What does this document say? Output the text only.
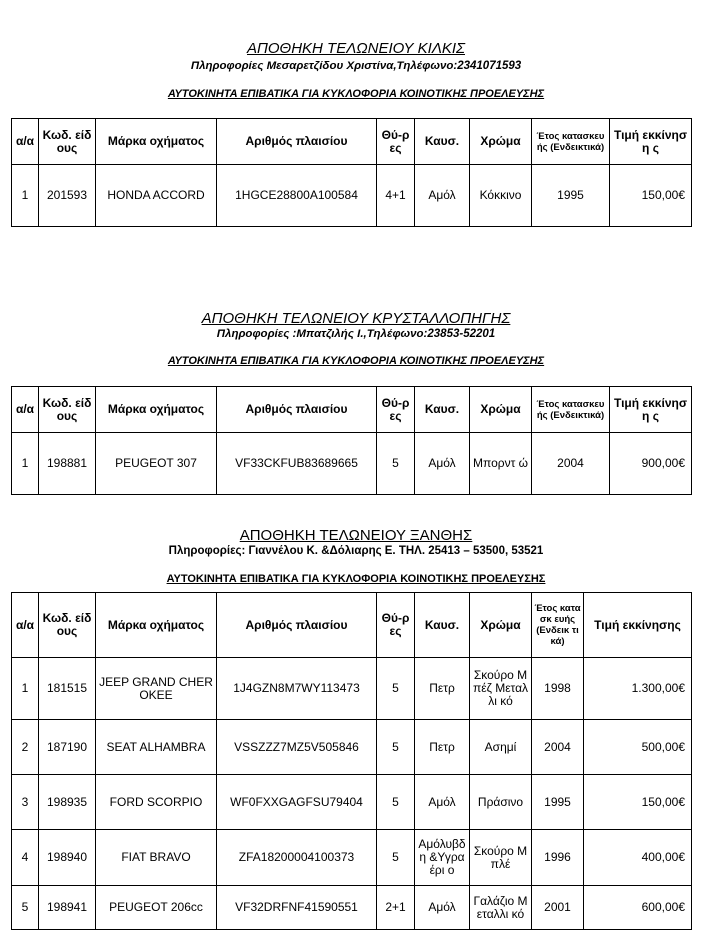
ΑΠΟΘΗΚΗ ΤΕΛΩΝΕΙΟΥ ΚΙΛΚΙΣ
Πληροφορίες Μεσαρετζίδου Χριστίνα,Τηλέφωνο:2341071593
ΑΥΤΟΚΙΝΗΤΑ ΕΠΙΒΑΤΙΚΑ ΓΙΑ ΚΥΚΛΟΦΟΡΙΑ ΚΟΙΝΟΤΙΚΗΣ ΠΡΟΕΛΕΥΣΗΣ
α/α	Κωδ. είδους	Μάρκα οχήματος	Αριθμός πλαισίου	Θύ-ρες	Καυσ.	Χρώμα	Έτος κατασκευής (Ενδεικτικά)	Τιμή εκκίνηση ς
1	201593	HONDA ACCORD	1HGCE28800A100584	4+1	Αμόλ	Κόκκινο	1995	150,00€
ΑΠΟΘΗΚΗ ΤΕΛΩΝΕΙΟΥ ΚΡΥΣΤΑΛΛΟΠΗΓΗΣ
Πληροφορίες :Μπατζιλής Ι.,Τηλέφωνο:23853-52201
ΑΥΤΟΚΙΝΗΤΑ ΕΠΙΒΑΤΙΚΑ ΓΙΑ ΚΥΚΛΟΦΟΡΙΑ ΚΟΙΝΟΤΙΚΗΣ ΠΡΟΕΛΕΥΣΗΣ
α/α	Κωδ. είδους	Μάρκα οχήματος	Αριθμός πλαισίου	Θύ-ρες	Καυσ.	Χρώμα	Έτος κατασκευής (Ενδεικτικά)	Τιμή εκκίνηση ς
1	198881	PEUGEOT 307	VF33CKFUB83689665	5	Αμόλ	Μπορντ ώ	2004	900,00€
ΑΠΟΘΗΚΗ ΤΕΛΩΝΕΙΟΥ ΞΑΝΘΗΣ
Πληροφορίες: Γιαννέλου Κ. &Δόλιαρης Ε. ΤΗΛ. 25413 – 53500, 53521
ΑΥΤΟΚΙΝΗΤΑ ΕΠΙΒΑΤΙΚΑ ΓΙΑ ΚΥΚΛΟΦΟΡΙΑ ΚΟΙΝΟΤΙΚΗΣ ΠΡΟΕΛΕΥΣΗΣ
α/α	Κωδ. είδους	Μάρκα οχήματος	Αριθμός πλαισίου	Θύ-ρες	Καυσ.	Χρώμα	Έτος κατασκ ευής (Ενδεικ τικά)	Τιμή εκκίνησης
1	181515	JEEP GRAND CHEROKEE	1J4GZN8M7WY113473	5	Πετρ	Σκούρο Μπέζ Μεταλλι κό	1998	1.300,00€
2	187190	SEAT ALHAMBRA	VSSZZZ7MZ5V505846	5	Πετρ	Ασημί	2004	500,00€
3	198935	FORD SCORPIO	WF0FXXGAGFSU79404	5	Αμόλ	Πράσινο	1995	150,00€
4	198940	FIAT BRAVO	ZFA18200004100373	5	Αμόλυβδ η &Υγραέρι ο	Σκούρο Μπλέ	1996	400,00€
5	198941	PEUGEOT 206cc	VF32DRFNF41590551	2+1	Αμόλ	Γαλάζιο Μεταλλι κό	2001	600,00€
